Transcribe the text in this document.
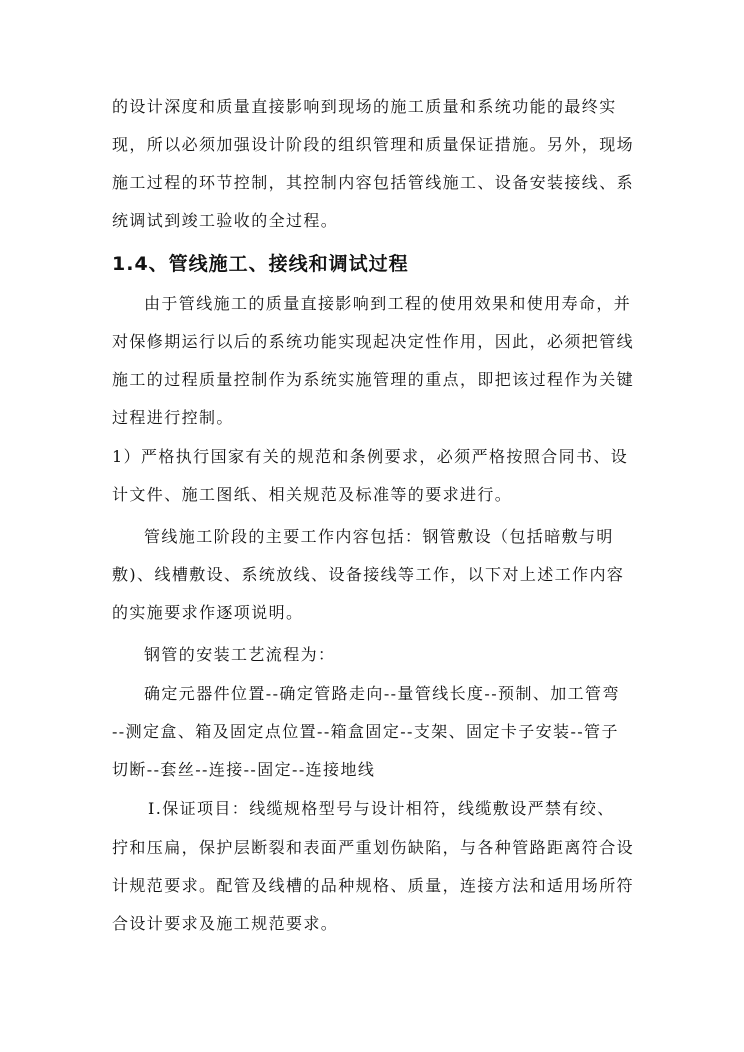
的设计深度和质量直接影响到现场的施工质量和系统功能的最终实
现，所以必须加强设计阶段的组织管理和质量保证措施。另外，现场
施工过程的环节控制，其控制内容包括管线施工、设备安装接线、系
统调试到竣工验收的全过程。
1.4、管线施工、接线和调试过程
由于管线施工的质量直接影响到工程的使用效果和使用寿命，并
对保修期运行以后的系统功能实现起决定性作用，因此，必须把管线
施工的过程质量控制作为系统实施管理的重点，即把该过程作为关键
过程进行控制。
1）严格执行国家有关的规范和条例要求，必须严格按照合同书、设
计文件、施工图纸、相关规范及标准等的要求进行。
管线施工阶段的主要工作内容包括：钢管敷设（包括暗敷与明
敷)、线槽敷设、系统放线、设备接线等工作，以下对上述工作内容
的实施要求作逐项说明。
钢管的安装工艺流程为：
确定元器件位置--确定管路走向--量管线长度--预制、加工管弯
--测定盒、箱及固定点位置--箱盒固定--支架、固定卡子安装--管子
切断--套丝--连接--固定--连接地线
Ⅰ.保证项目：线缆规格型号与设计相符，线缆敷设严禁有绞、
拧和压扁，保护层断裂和表面严重划伤缺陷，与各种管路距离符合设
计规范要求。配管及线槽的品种规格、质量，连接方法和适用场所符
合设计要求及施工规范要求。
